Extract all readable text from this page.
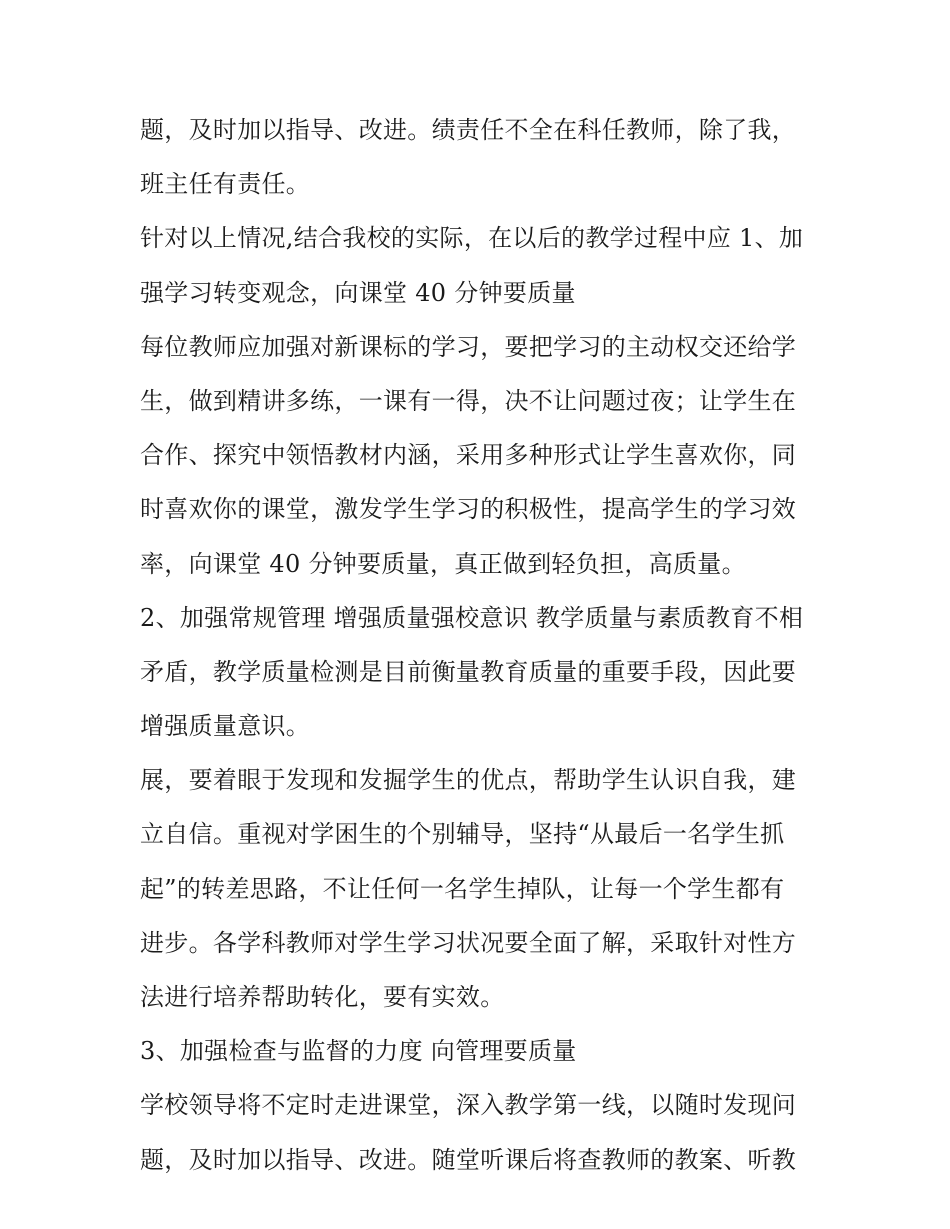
题，及时加以指导、改进。绩责任不全在科任教师，除了我，
班主任有责任。
针对以上情况,结合我校的实际，在以后的教学过程中应 1、加
强学习转变观念，向课堂 40 分钟要质量
每位教师应加强对新课标的学习，要把学习的主动权交还给学
生，做到精讲多练，一课有一得，决不让问题过夜；让学生在
合作、探究中领悟教材内涵，采用多种形式让学生喜欢你，同
时喜欢你的课堂，激发学生学习的积极性，提高学生的学习效
率，向课堂 40 分钟要质量，真正做到轻负担，高质量。
2、加强常规管理 增强质量强校意识 教学质量与素质教育不相
矛盾，教学质量检测是目前衡量教育质量的重要手段，因此要
增强质量意识。
展，要着眼于发现和发掘学生的优点，帮助学生认识自我，建
立自信。重视对学困生的个别辅导，坚持“从最后一名学生抓
起”的转差思路，不让任何一名学生掉队，让每一个学生都有
进步。各学科教师对学生学习状况要全面了解，采取针对性方
法进行培养帮助转化，要有实效。
3、加强检查与监督的力度 向管理要质量
学校领导将不定时走进课堂，深入教学第一线，以随时发现问
题，及时加以指导、改进。随堂听课后将查教师的教案、听教
